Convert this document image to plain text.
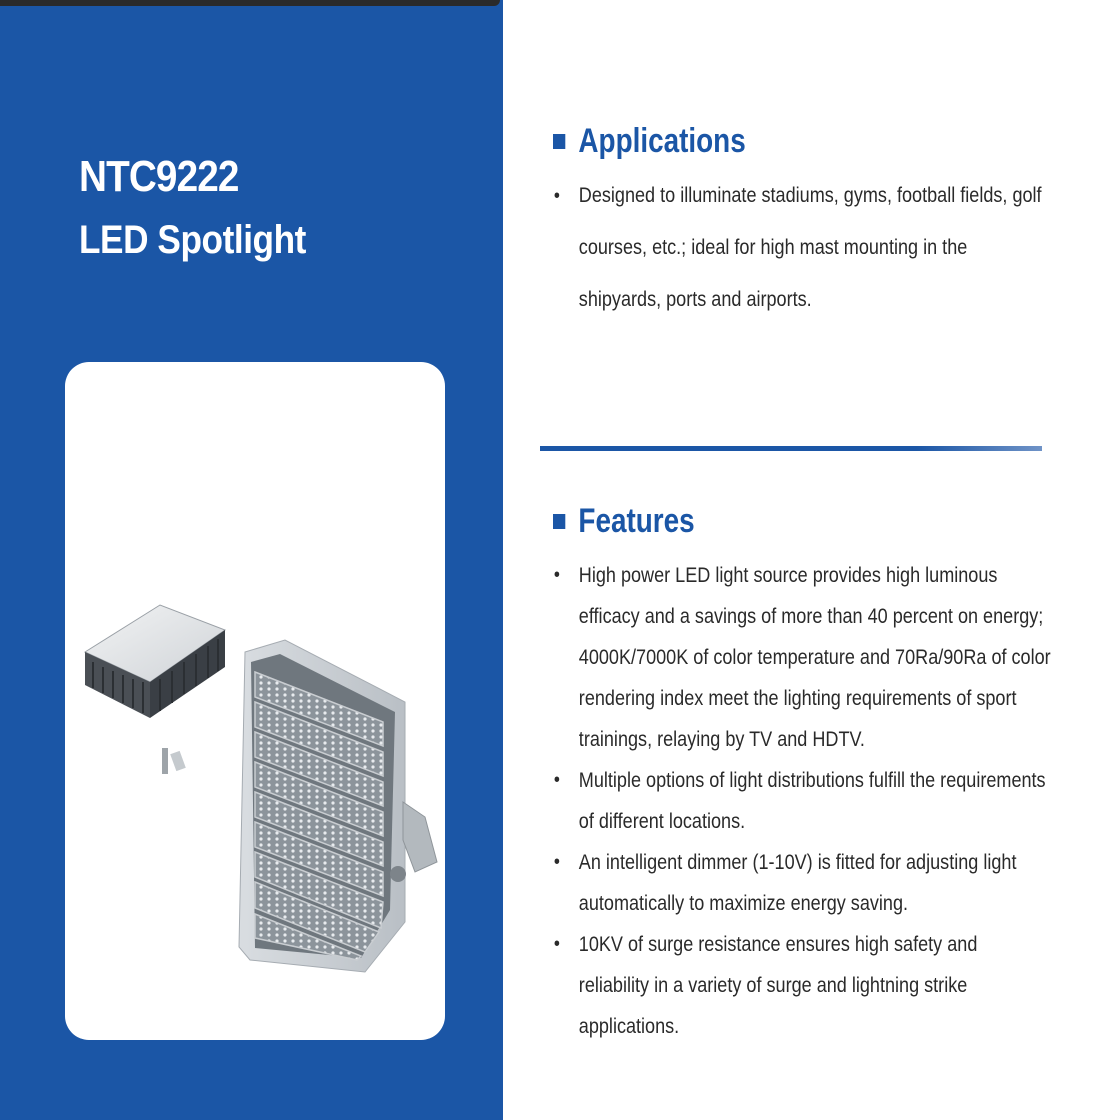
NTC9222
LED Spotlight
Applications
• Designed to illuminate stadiums, gyms, football fields, golf courses, etc.; ideal for high mast mounting in the shipyards, ports and airports.
Features
• High power LED light source provides high luminous efficacy and a savings of more than 40 percent on energy; 4000K/7000K of color temperature and 70Ra/90Ra of color rendering index meet the lighting requirements of sport trainings, relaying by TV and HDTV.
• Multiple options of light distributions fulfill the requirements of different locations.
• An intelligent dimmer (1-10V) is fitted for adjusting light automatically to maximize energy saving.
• 10KV of surge resistance ensures high safety and reliability in a variety of surge and lightning strike applications.
